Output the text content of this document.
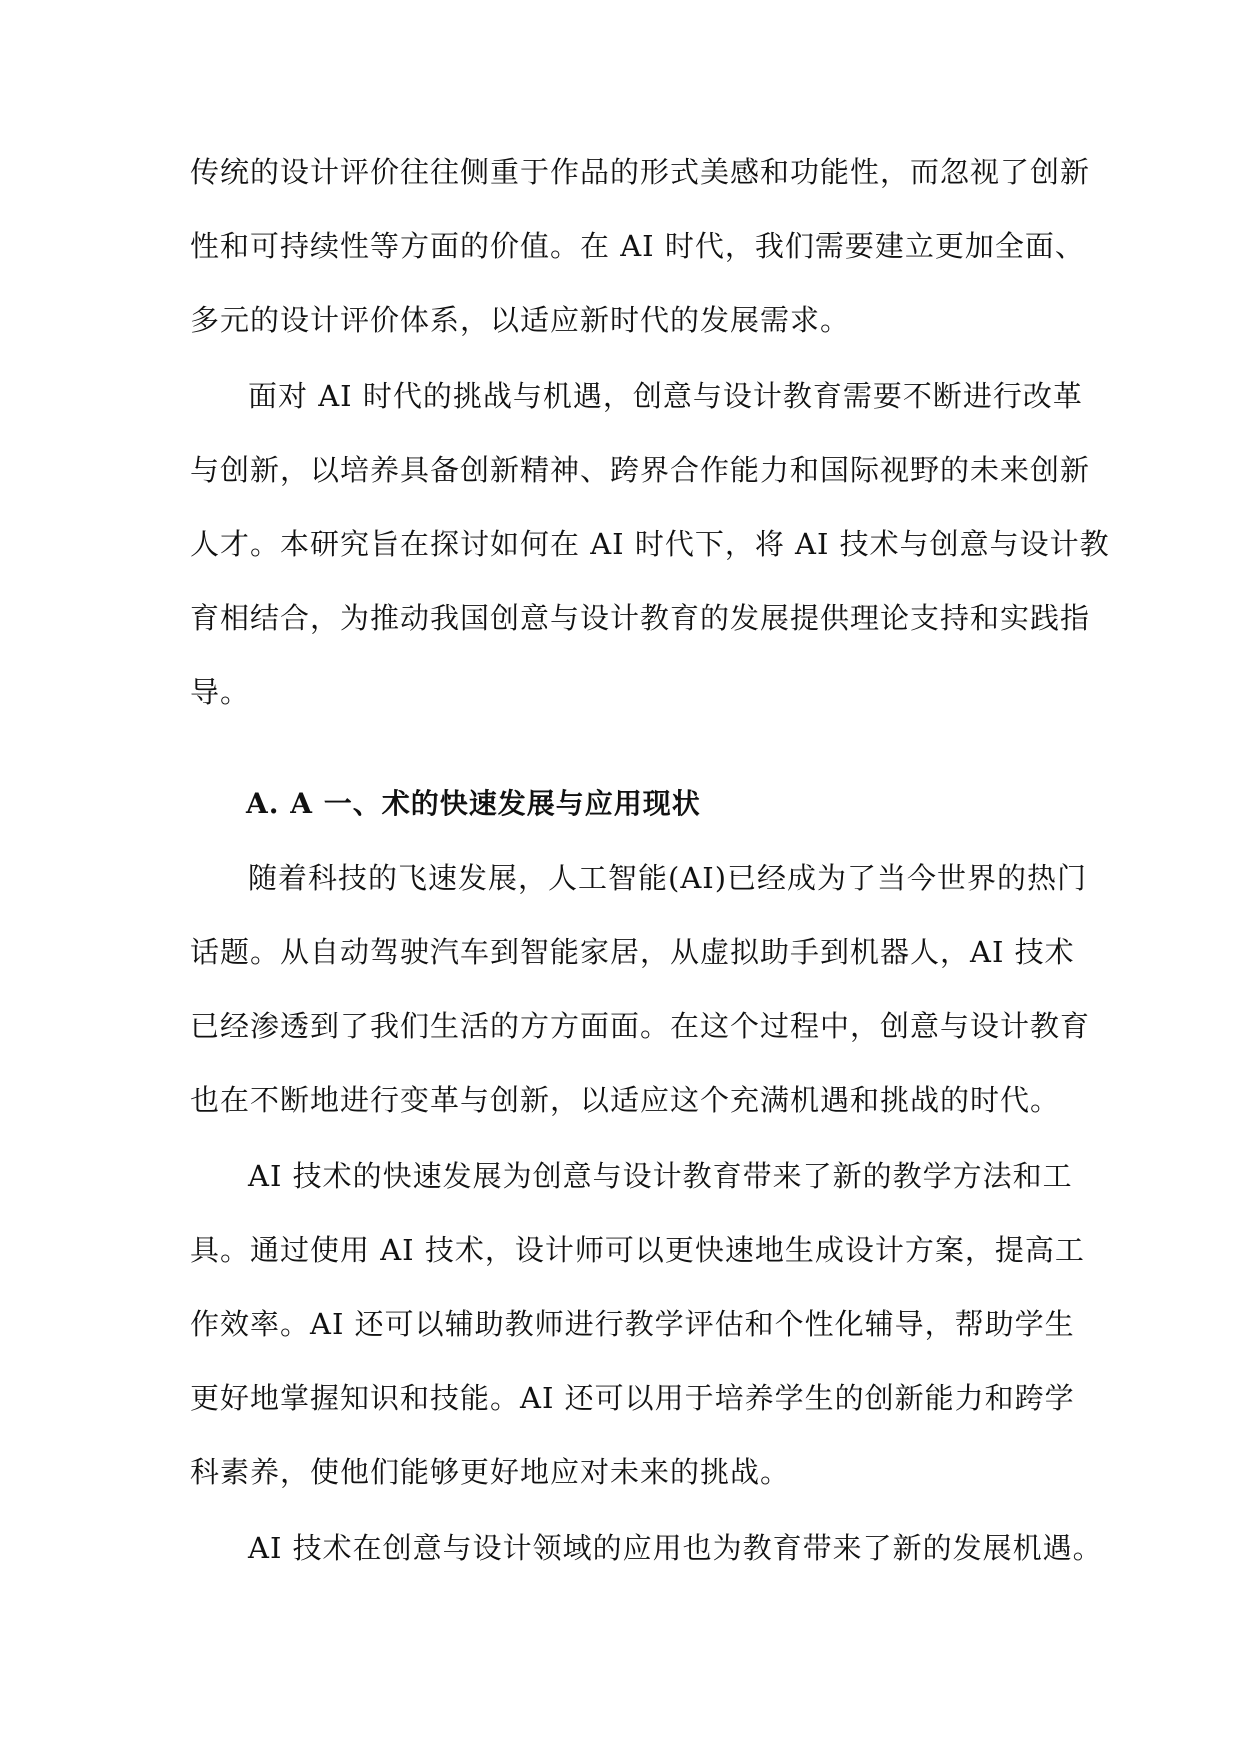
传统的设计评价往往侧重于作品的形式美感和功能性，而忽视了创新
性和可持续性等方面的价值。在 AI 时代，我们需要建立更加全面、
多元的设计评价体系，以适应新时代的发展需求。
面对 AI 时代的挑战与机遇，创意与设计教育需要不断进行改革
与创新，以培养具备创新精神、跨界合作能力和国际视野的未来创新
人才。本研究旨在探讨如何在 AI 时代下，将 AI 技术与创意与设计教
育相结合，为推动我国创意与设计教育的发展提供理论支持和实践指
导。
A. A 一、术的快速发展与应用现状
随着科技的飞速发展，人工智能(AI)已经成为了当今世界的热门
话题。从自动驾驶汽车到智能家居，从虚拟助手到机器人，AI 技术
已经渗透到了我们生活的方方面面。在这个过程中，创意与设计教育
也在不断地进行变革与创新，以适应这个充满机遇和挑战的时代。
AI 技术的快速发展为创意与设计教育带来了新的教学方法和工
具。通过使用 AI 技术，设计师可以更快速地生成设计方案，提高工
作效率。AI 还可以辅助教师进行教学评估和个性化辅导，帮助学生
更好地掌握知识和技能。AI 还可以用于培养学生的创新能力和跨学
科素养，使他们能够更好地应对未来的挑战。
AI 技术在创意与设计领域的应用也为教育带来了新的发展机遇。
